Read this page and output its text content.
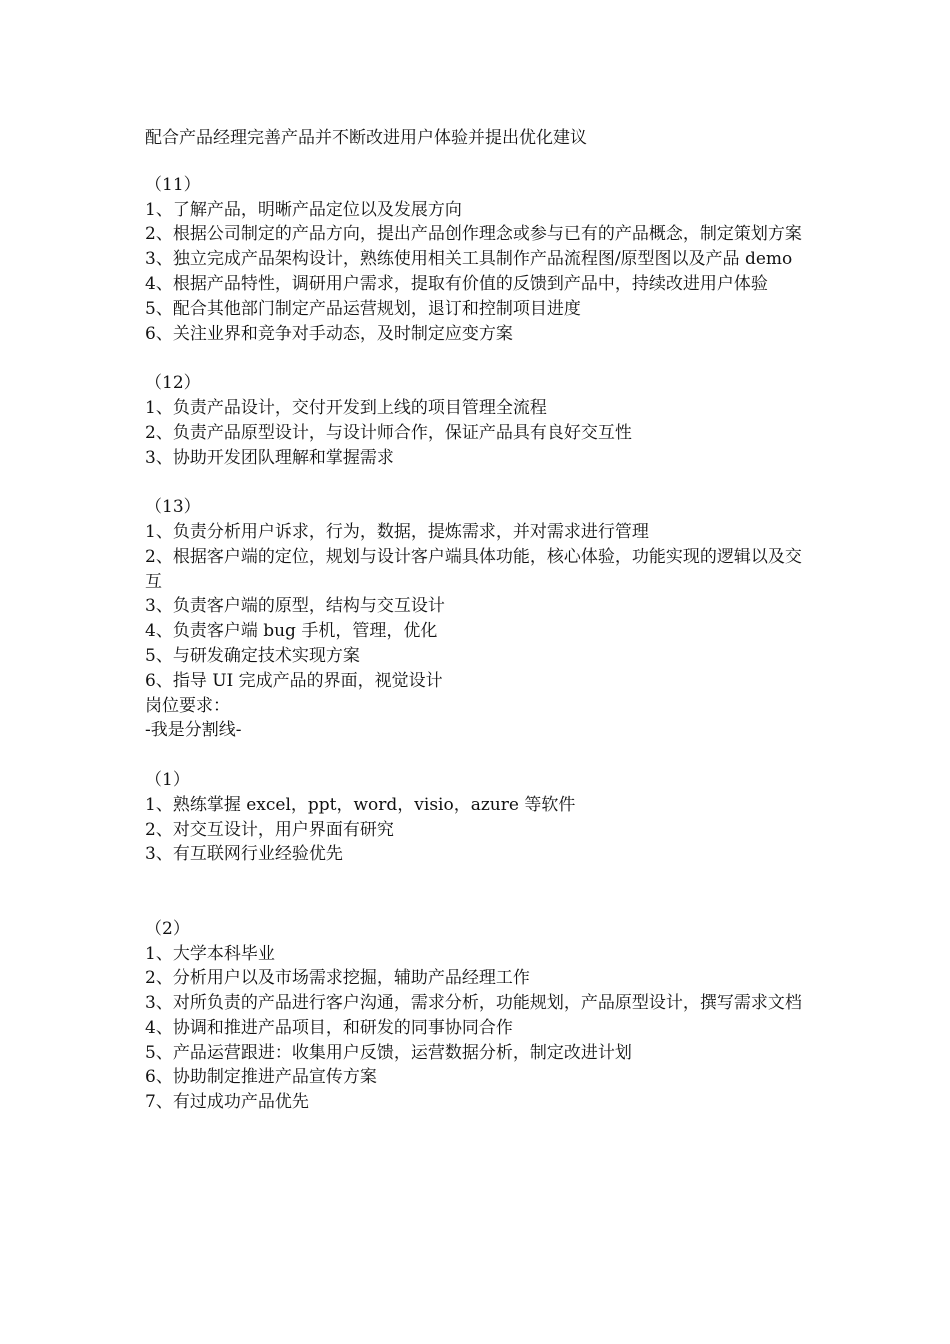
配合产品经理完善产品并不断改进用户体验并提出优化建议

（11）

1、了解产品，明晰产品定位以及发展方向

2、根据公司制定的产品方向，提出产品创作理念或参与已有的产品概念，制定策划方案

3、独立完成产品架构设计，熟练使用相关工具制作产品流程图/原型图以及产品 demo

4、根据产品特性，调研用户需求，提取有价值的反馈到产品中，持续改进用户体验

5、配合其他部门制定产品运营规划，退订和控制项目进度

6、关注业界和竞争对手动态，及时制定应变方案

（12）

1、负责产品设计，交付开发到上线的项目管理全流程

2、负责产品原型设计，与设计师合作，保证产品具有良好交互性

3、协助开发团队理解和掌握需求

（13）

1、负责分析用户诉求，行为，数据，提炼需求，并对需求进行管理

2、根据客户端的定位，规划与设计客户端具体功能，核心体验，功能实现的逻辑以及交互

3、负责客户端的原型，结构与交互设计

4、负责客户端 bug 手机，管理，优化

5、与研发确定技术实现方案

6、指导 UI 完成产品的界面，视觉设计

岗位要求：

-我是分割线-

（1）

1、熟练掌握 excel，ppt，word，visio，azure 等软件

2、对交互设计，用户界面有研究

3、有互联网行业经验优先

（2）

1、大学本科毕业

2、分析用户以及市场需求挖掘，辅助产品经理工作

3、对所负责的产品进行客户沟通，需求分析，功能规划，产品原型设计，撰写需求文档

4、协调和推进产品项目，和研发的同事协同合作

5、产品运营跟进：收集用户反馈，运营数据分析，制定改进计划

6、协助制定推进产品宣传方案

7、有过成功产品优先
